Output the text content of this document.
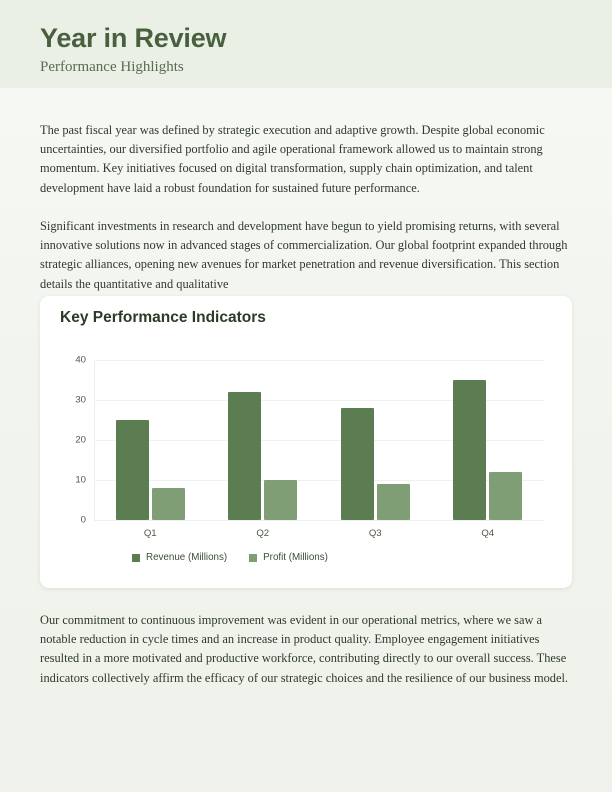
Year in Review
Performance Highlights
The past fiscal year was defined by strategic execution and adaptive growth. Despite global economic uncertainties, our diversified portfolio and agile operational framework allowed us to maintain strong momentum. Key initiatives focused on digital transformation, supply chain optimization, and talent development have laid a robust foundation for sustained future performance.
Significant investments in research and development have begun to yield promising returns, with several innovative solutions now in advanced stages of commercialization. Our global footprint expanded through strategic alliances, opening new avenues for market penetration and revenue diversification. This section details the quantitative and qualitative
Key Performance Indicators
0
10
20
30
40
Q1	Q2	Q3	Q4
Revenue (Millions)	Profit (Millions)
Our commitment to continuous improvement was evident in our operational metrics, where we saw a notable reduction in cycle times and an increase in product quality. Employee engagement initiatives resulted in a more motivated and productive workforce, contributing directly to our overall success. These indicators collectively affirm the efficacy of our strategic choices and the resilience of our business model.
